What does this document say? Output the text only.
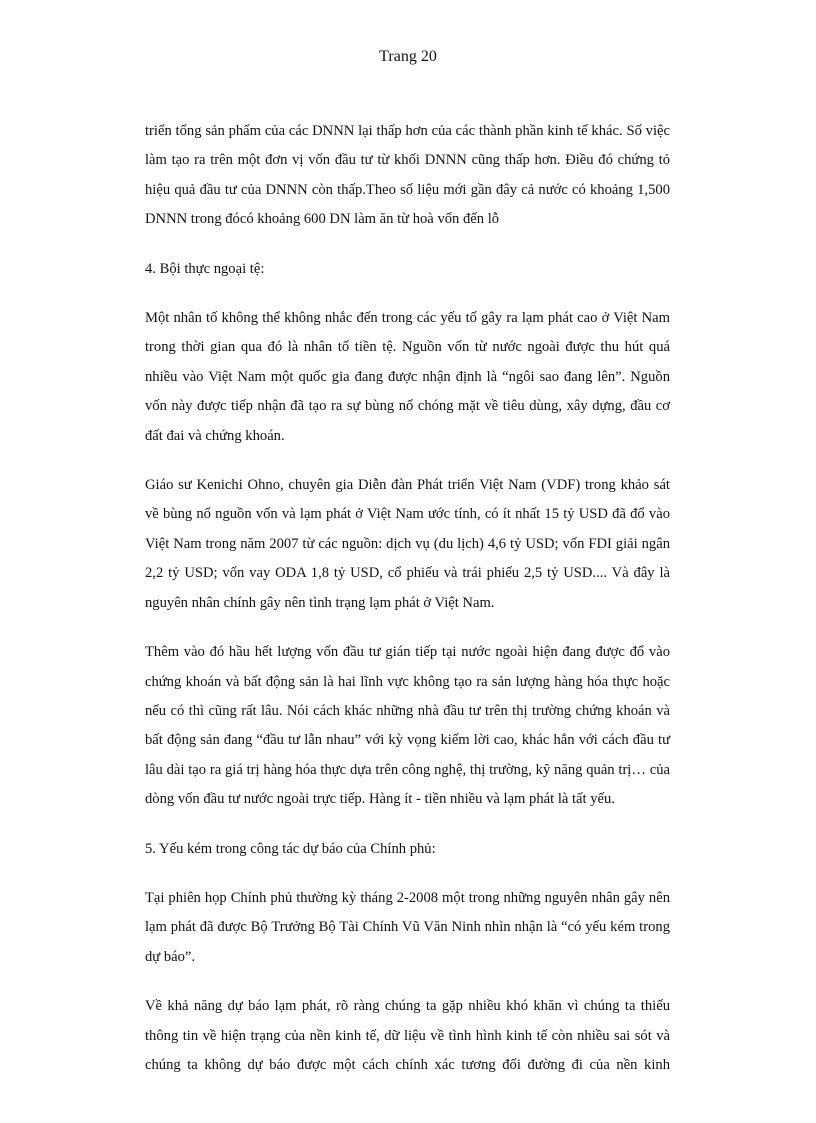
Trang 20

triển tổng sản phẩm của các DNNN lại thấp hơn của các thành phần kinh tế khác. Số việc làm tạo ra trên một đơn vị vốn đầu tư từ khối DNNN cũng thấp hơn. Điều đó chứng tỏ hiệu quả đầu tư của DNNN còn thấp.Theo số liệu mới gần đây cả nước có khoảng 1,500 DNNN trong đócó khoảng 600 DN làm ăn từ hoà vốn đến lỗ

4. Bội thực ngoại tệ:

Một nhân tố không thể không nhắc đến trong các yếu tố gây ra lạm phát cao ở Việt Nam trong thời gian qua đó là nhân tố tiền tệ. Nguồn vốn từ nước ngoài được thu hút quá nhiều vào Việt Nam một quốc gia đang được nhận định là “ngôi sao đang lên”. Nguồn vốn này được tiếp nhận đã tạo ra sự bùng nổ chóng mặt về tiêu dùng, xây dựng, đầu cơ đất đai và chứng khoán.

Giáo sư Kenichi Ohno, chuyên gia Diễn đàn Phát triển Việt Nam (VDF) trong khảo sát về bùng nổ nguồn vốn và lạm phát ở Việt Nam ước tính, có ít nhất 15 tỷ USD đã đổ vào Việt Nam trong năm 2007 từ các nguồn: dịch vụ (du lịch) 4,6 tỷ USD; vốn FDI giải ngân 2,2 tỷ USD; vốn vay ODA 1,8 tỷ USD, cổ phiếu và trái phiếu 2,5 tỷ USD.... Và đây là nguyên nhân chính gây nên tình trạng lạm phát ở Việt Nam.

Thêm vào đó hầu hết lượng vốn đầu tư gián tiếp tại nước ngoài hiện đang được đổ vào chứng khoán và bất động sản là hai lĩnh vực không tạo ra sản lượng hàng hóa thực hoặc nếu có thì cũng rất lâu. Nói cách khác những nhà đầu tư trên thị trường chứng khoán và bất động sản đang “đầu tư lẫn nhau” với kỳ vọng kiếm lời cao, khác hẳn với cách đầu tư lâu dài tạo ra giá trị hàng hóa thực dựa trên công nghệ, thị trường, kỹ năng quản trị… của dòng vốn đầu tư nước ngoài trực tiếp. Hàng ít - tiền nhiều và lạm phát là tất yếu.

5. Yếu kém trong công tác dự báo của Chính phủ:

Tại phiên họp Chính phủ thường kỳ tháng 2-2008 một trong những nguyên nhân gây nên lạm phát đã được Bộ Trưởng Bộ Tài Chính Vũ Văn Ninh nhìn nhận là “có yếu kém trong dự báo”.

Về khả năng dự báo lạm phát, rõ ràng chúng ta gặp nhiều khó khăn vì chúng ta thiếu thông tin về hiện trạng của nền kinh tế, dữ liệu về tình hình kinh tế còn nhiều sai sót và chúng ta không dự báo được một cách chính xác tương đối đường đi của nền kinh
